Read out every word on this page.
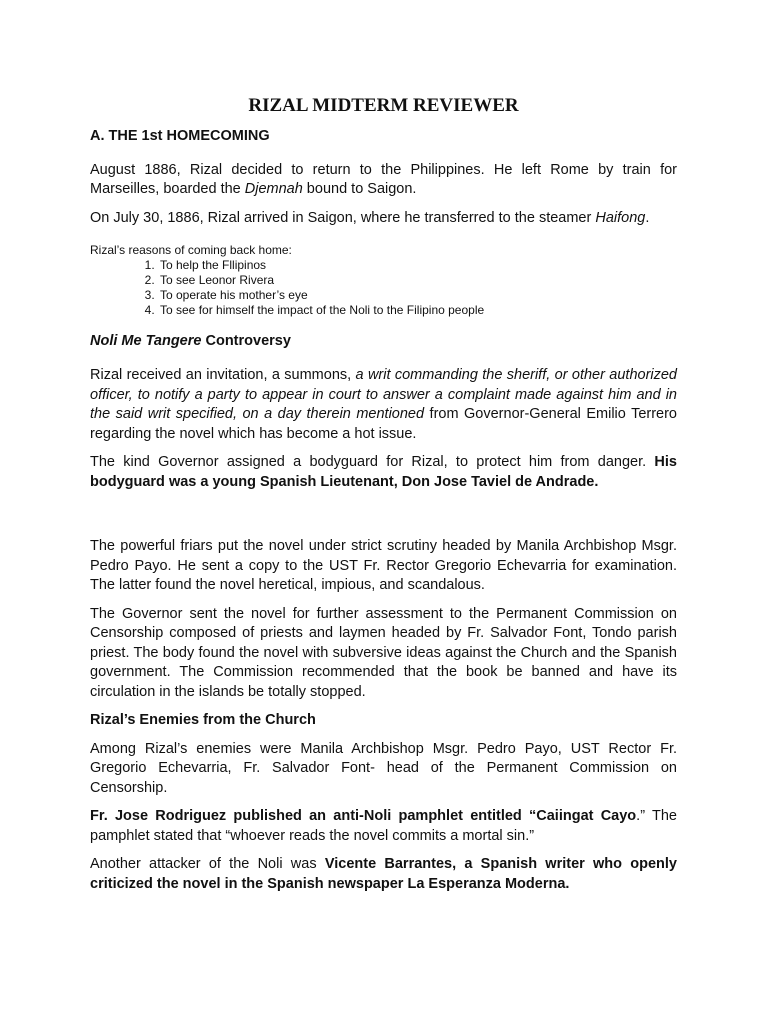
RIZAL MIDTERM REVIEWER
A. THE 1st HOMECOMING

August 1886, Rizal decided to return to the Philippines. He left Rome by train for Marseilles, boarded the Djemnah bound to Saigon.

On July 30, 1886, Rizal arrived in Saigon, where he transferred to the steamer Haifong.

Rizal’s reasons of coming back home:
1. To help the Fllipinos
2. To see Leonor Rivera
3. To operate his mother’s eye
4. To see for himself the impact of the Noli to the Filipino people
Noli Me Tangere Controversy

Rizal received an invitation, a summons, a writ commanding the sheriff, or other authorized officer, to notify a party to appear in court to answer a complaint made against him and in the said writ specified, on a day therein mentioned from Governor-General Emilio Terrero regarding the novel which has become a hot issue.

The kind Governor assigned a bodyguard for Rizal, to protect him from danger. His bodyguard was a young Spanish Lieutenant, Don Jose Taviel de Andrade.

The powerful friars put the novel under strict scrutiny headed by Manila Archbishop Msgr. Pedro Payo. He sent a copy to the UST Fr. Rector Gregorio Echevarria for examination. The latter found the novel heretical, impious, and scandalous.

The Governor sent the novel for further assessment to the Permanent Commission on Censorship composed of priests and laymen headed by Fr. Salvador Font, Tondo parish priest. The body found the novel with subversive ideas against the Church and the Spanish government. The Commission recommended that the book be banned and have its circulation in the islands be totally stopped.

Rizal’s Enemies from the Church

Among Rizal’s enemies were Manila Archbishop Msgr. Pedro Payo, UST Rector Fr. Gregorio Echevarria, Fr. Salvador Font- head of the Permanent Commission on Censorship.

Fr. Jose Rodriguez published an anti-Noli pamphlet entitled “Caiingat Cayo.” The pamphlet stated that “whoever reads the novel commits a mortal sin.”

Another attacker of the Noli was Vicente Barrantes, a Spanish writer who openly criticized the novel in the Spanish newspaper La Esperanza Moderna.
